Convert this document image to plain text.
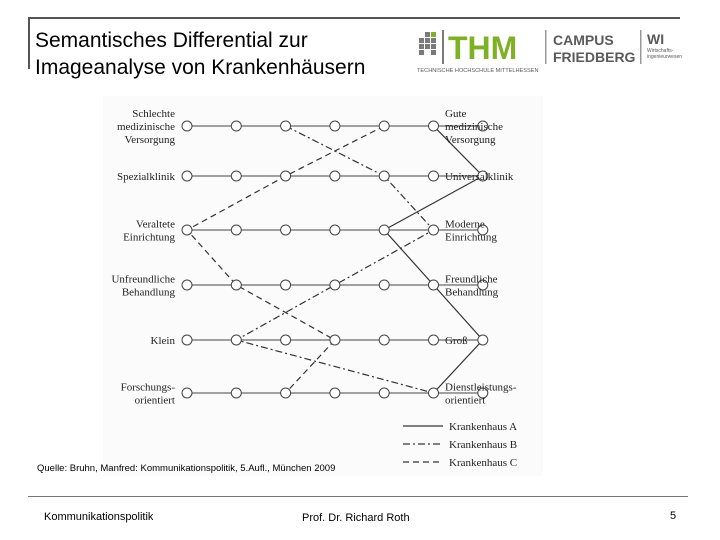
Semantisches Differential zur
Imageanalyse von Krankenhäusern
THM
TECHNISCHE HOCHSCHULE MITTELHESSEN
CAMPUS
FRIEDBERG
WI
Wirtschafts-
ingenieurwesen
Schlechte
medizinische
Versorgung
Gute
medizinische
Versorgung
Spezialklinik	Universalklinik
Veraltete
Einrichtung
Moderne
Einrichtung
Unfreundliche
Behandlung
Freundliche
Behandlung
Klein	Groß
Forschungs-
orientiert
Dienstleistungs-
orientiert
Krankenhaus A
Krankenhaus B
Krankenhaus C
Quelle: Bruhn, Manfred: Kommunikationspolitik, 5.Aufl., München 2009
Kommunikationspolitik	Prof. Dr. Richard Roth	5
